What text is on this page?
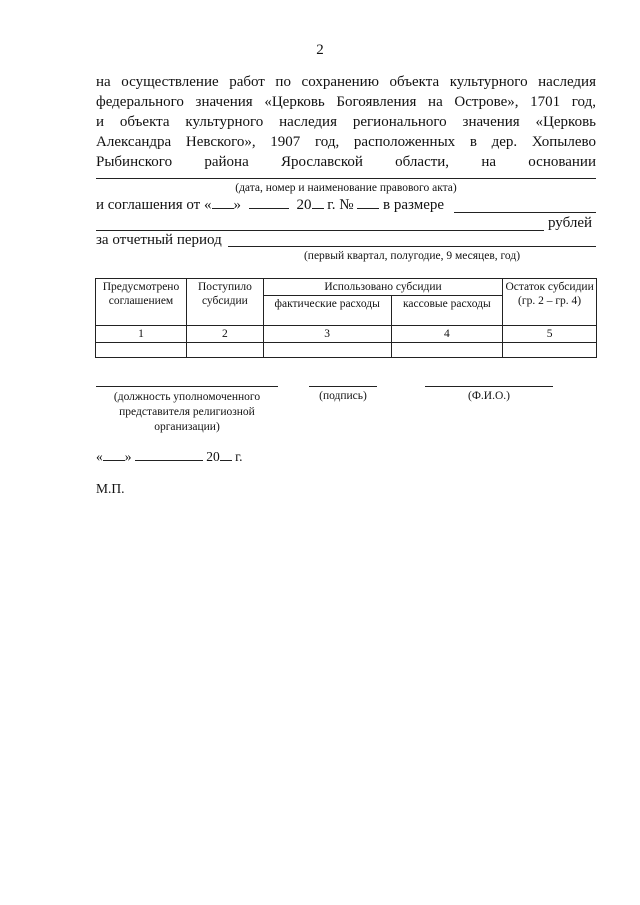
2
на осуществление работ по сохранению объекта культурного наследия
федерального значения «Церковь Богоявления на Острове», 1701 год,
и объекта культурного наследия регионального значения «Церковь
Александра Невского», 1907 год, расположенных в дер. Хопылево
Рыбинского района Ярославской области, на основании
(дата, номер и наименование правового акта)
и соглашения от « »	20 г. № в размере
рублей
за отчетный период
(первый квартал, полугодие, 9 месяцев, год)
Предусмотрено соглашением	Поступило субсидии	Использовано субсидии		Остаток субсидии (гр. 2 – гр. 4)
		фактические расходы	кассовые расходы	
1	2	3	4	5

(должность уполномоченного представителя религиозной организации)
(подпись)	(Ф.И.О.)
« »	20 г.
М.П.
